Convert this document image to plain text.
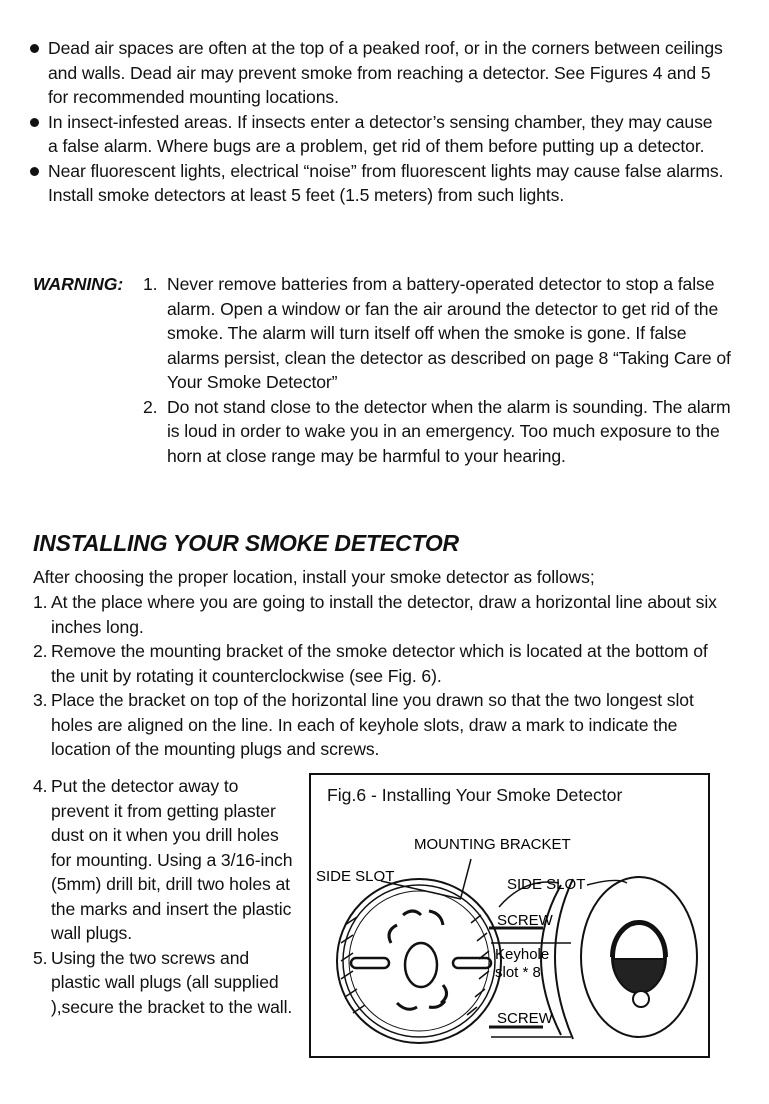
Dead air spaces are often at the top of a peaked roof, or in the corners between ceilings and walls. Dead air may prevent smoke from reaching a detector. See Figures 4 and 5 for recommended mounting locations.
In insect-infested areas. If insects enter a detector’s sensing chamber, they may cause a false alarm. Where bugs are a problem, get rid of them before putting up a detector.
Near fluorescent lights, electrical “noise” from fluorescent lights may cause false alarms. Install smoke detectors at least 5 feet (1.5 meters) from such lights.
WARNING: 1. Never remove batteries from a battery-operated detector to stop a false alarm. Open a window or fan the air around the detector to get rid of the smoke. The alarm will turn itself off when the smoke is gone. If false alarms persist, clean the detector as described on page 8 “Taking Care of Your Smoke Detector”
2. Do not stand close to the detector when the alarm is sounding. The alarm is loud in order to wake you in an emergency. Too much exposure to the horn at close range may be harmful to your hearing.
INSTALLING YOUR SMOKE DETECTOR
After choosing the proper location, install your smoke detector as follows;
1. At the place where you are going to install the detector, draw a horizontal line about six inches long.
2. Remove the mounting bracket of the smoke detector which is located at the bottom of the unit by rotating it counterclockwise (see Fig. 6).
3. Place the bracket on top of the horizontal line you drawn so that the two longest slot holes are aligned on the line. In each of keyhole slots, draw a mark to indicate the location of the mounting plugs and screws.
4. Put the detector away to prevent it from getting plaster dust on it when you drill holes for mounting. Using a 3/16-inch (5mm) drill bit, drill two holes at the marks and insert the plastic wall plugs.
5. Using the two screws and plastic wall plugs (all supplied ),secure the bracket to the wall.
Fig.6 - Installing Your Smoke Detector
MOUNTING BRACKET
SIDE SLOT	SIDE SLOT
SCREW
Keyhole
slot * 8
SCREW
